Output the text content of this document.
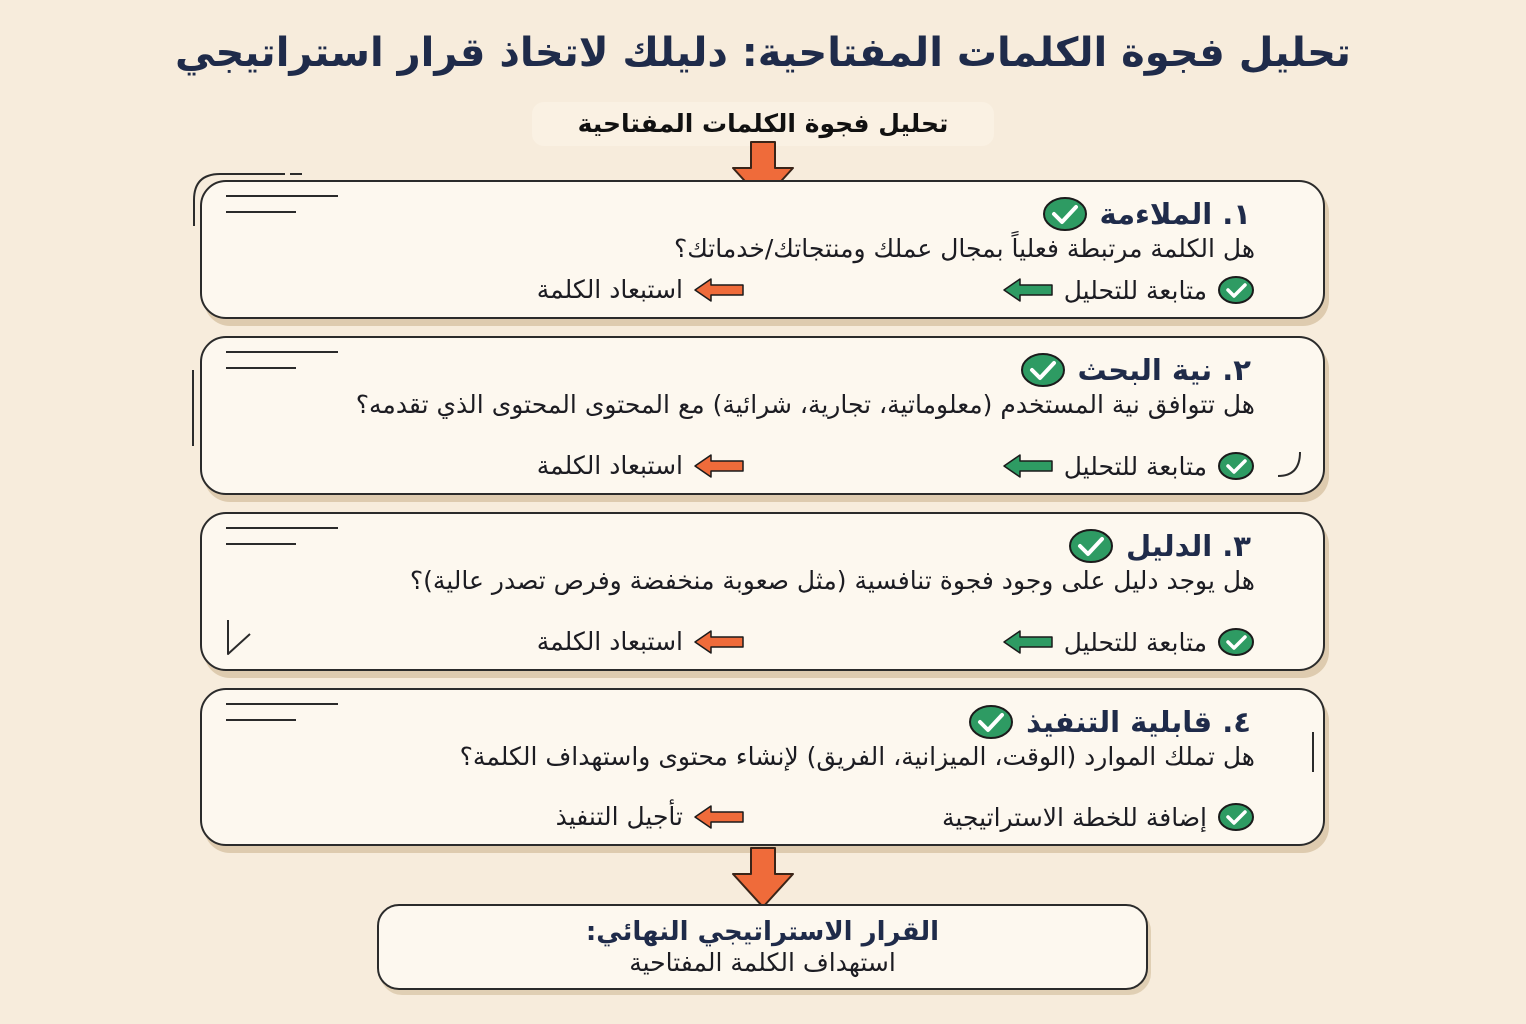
تحليل فجوة الكلمات المفتاحية: دليلك لاتخاذ قرار استراتيجي
تحليل فجوة الكلمات المفتاحية
١. الملاءمة
هل الكلمة مرتبطة فعلياً بمجال عملك ومنتجاتك/خدماتك؟
متابعة للتحليل
استبعاد الكلمة
٢. نية البحث
هل تتوافق نية المستخدم (معلوماتية، تجارية، شرائية) مع المحتوى المحتوى الذي تقدمه؟
متابعة للتحليل
استبعاد الكلمة
٣. الدليل
هل يوجد دليل على وجود فجوة تنافسية (مثل صعوبة منخفضة وفرص تصدر عالية)؟
متابعة للتحليل
استبعاد الكلمة
٤. قابلية التنفيذ
هل تملك الموارد (الوقت، الميزانية، الفريق) لإنشاء محتوى واستهداف الكلمة؟
إضافة للخطة الاستراتيجية
تأجيل التنفيذ
القرار الاستراتيجي النهائي:
استهداف الكلمة المفتاحية
